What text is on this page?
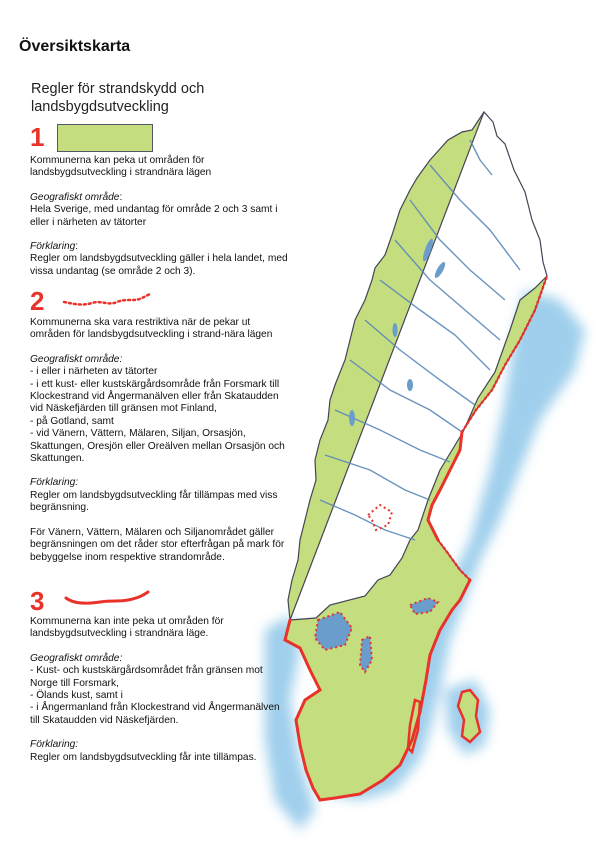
Översiktskarta

Regler för strandskydd och landsbygdsutveckling

1

Kommunerna kan peka ut områden för landsbygdsutveckling i strandnära lägen

Geografiskt område:

Hela Sverige, med undantag för område 2 och 3 samt i eller i närheten av tätorter

Förklaring:

Regler om landsbygdsutveckling gäller i hela landet, med vissa undantag (se område 2 och 3).

2

Kommunerna ska vara restriktiva när de pekar ut områden för landsbygdsutveckling i strand-nära lägen

Geografiskt område:

- i eller i närheten av tätorter

- i ett kust- eller kustskärgårdsområde från Forsmark till Klockestrand vid Ångermanälven eller från Skataudden vid Näskefjärden till gränsen mot Finland,

- på Gotland, samt

- vid Vänern, Vättern, Mälaren, Siljan, Orsasjön, Skattungen, Oresjön eller Oreälven mellan Orsasjön och Skattungen.

Förklaring:

Regler om landsbygdsutveckling får tillämpas med viss begränsning.

För Vänern, Vättern, Mälaren och Siljanområdet gäller begränsningen om det råder stor efterfrågan på mark för bebyggelse inom respektive strandområde.

3

Kommunerna kan inte peka ut områden för landsbygdsutveckling i strandnära läge.

Geografiskt område:

- Kust- och kustskärgårdsområdet från gränsen mot Norge till Forsmark,

- Ölands kust, samt i

- i Ångermanland från Klockestrand vid Ångermanälven till Skataudden vid Näskefjärden.

Förklaring:

Regler om landsbygdsutveckling får inte tillämpas.
